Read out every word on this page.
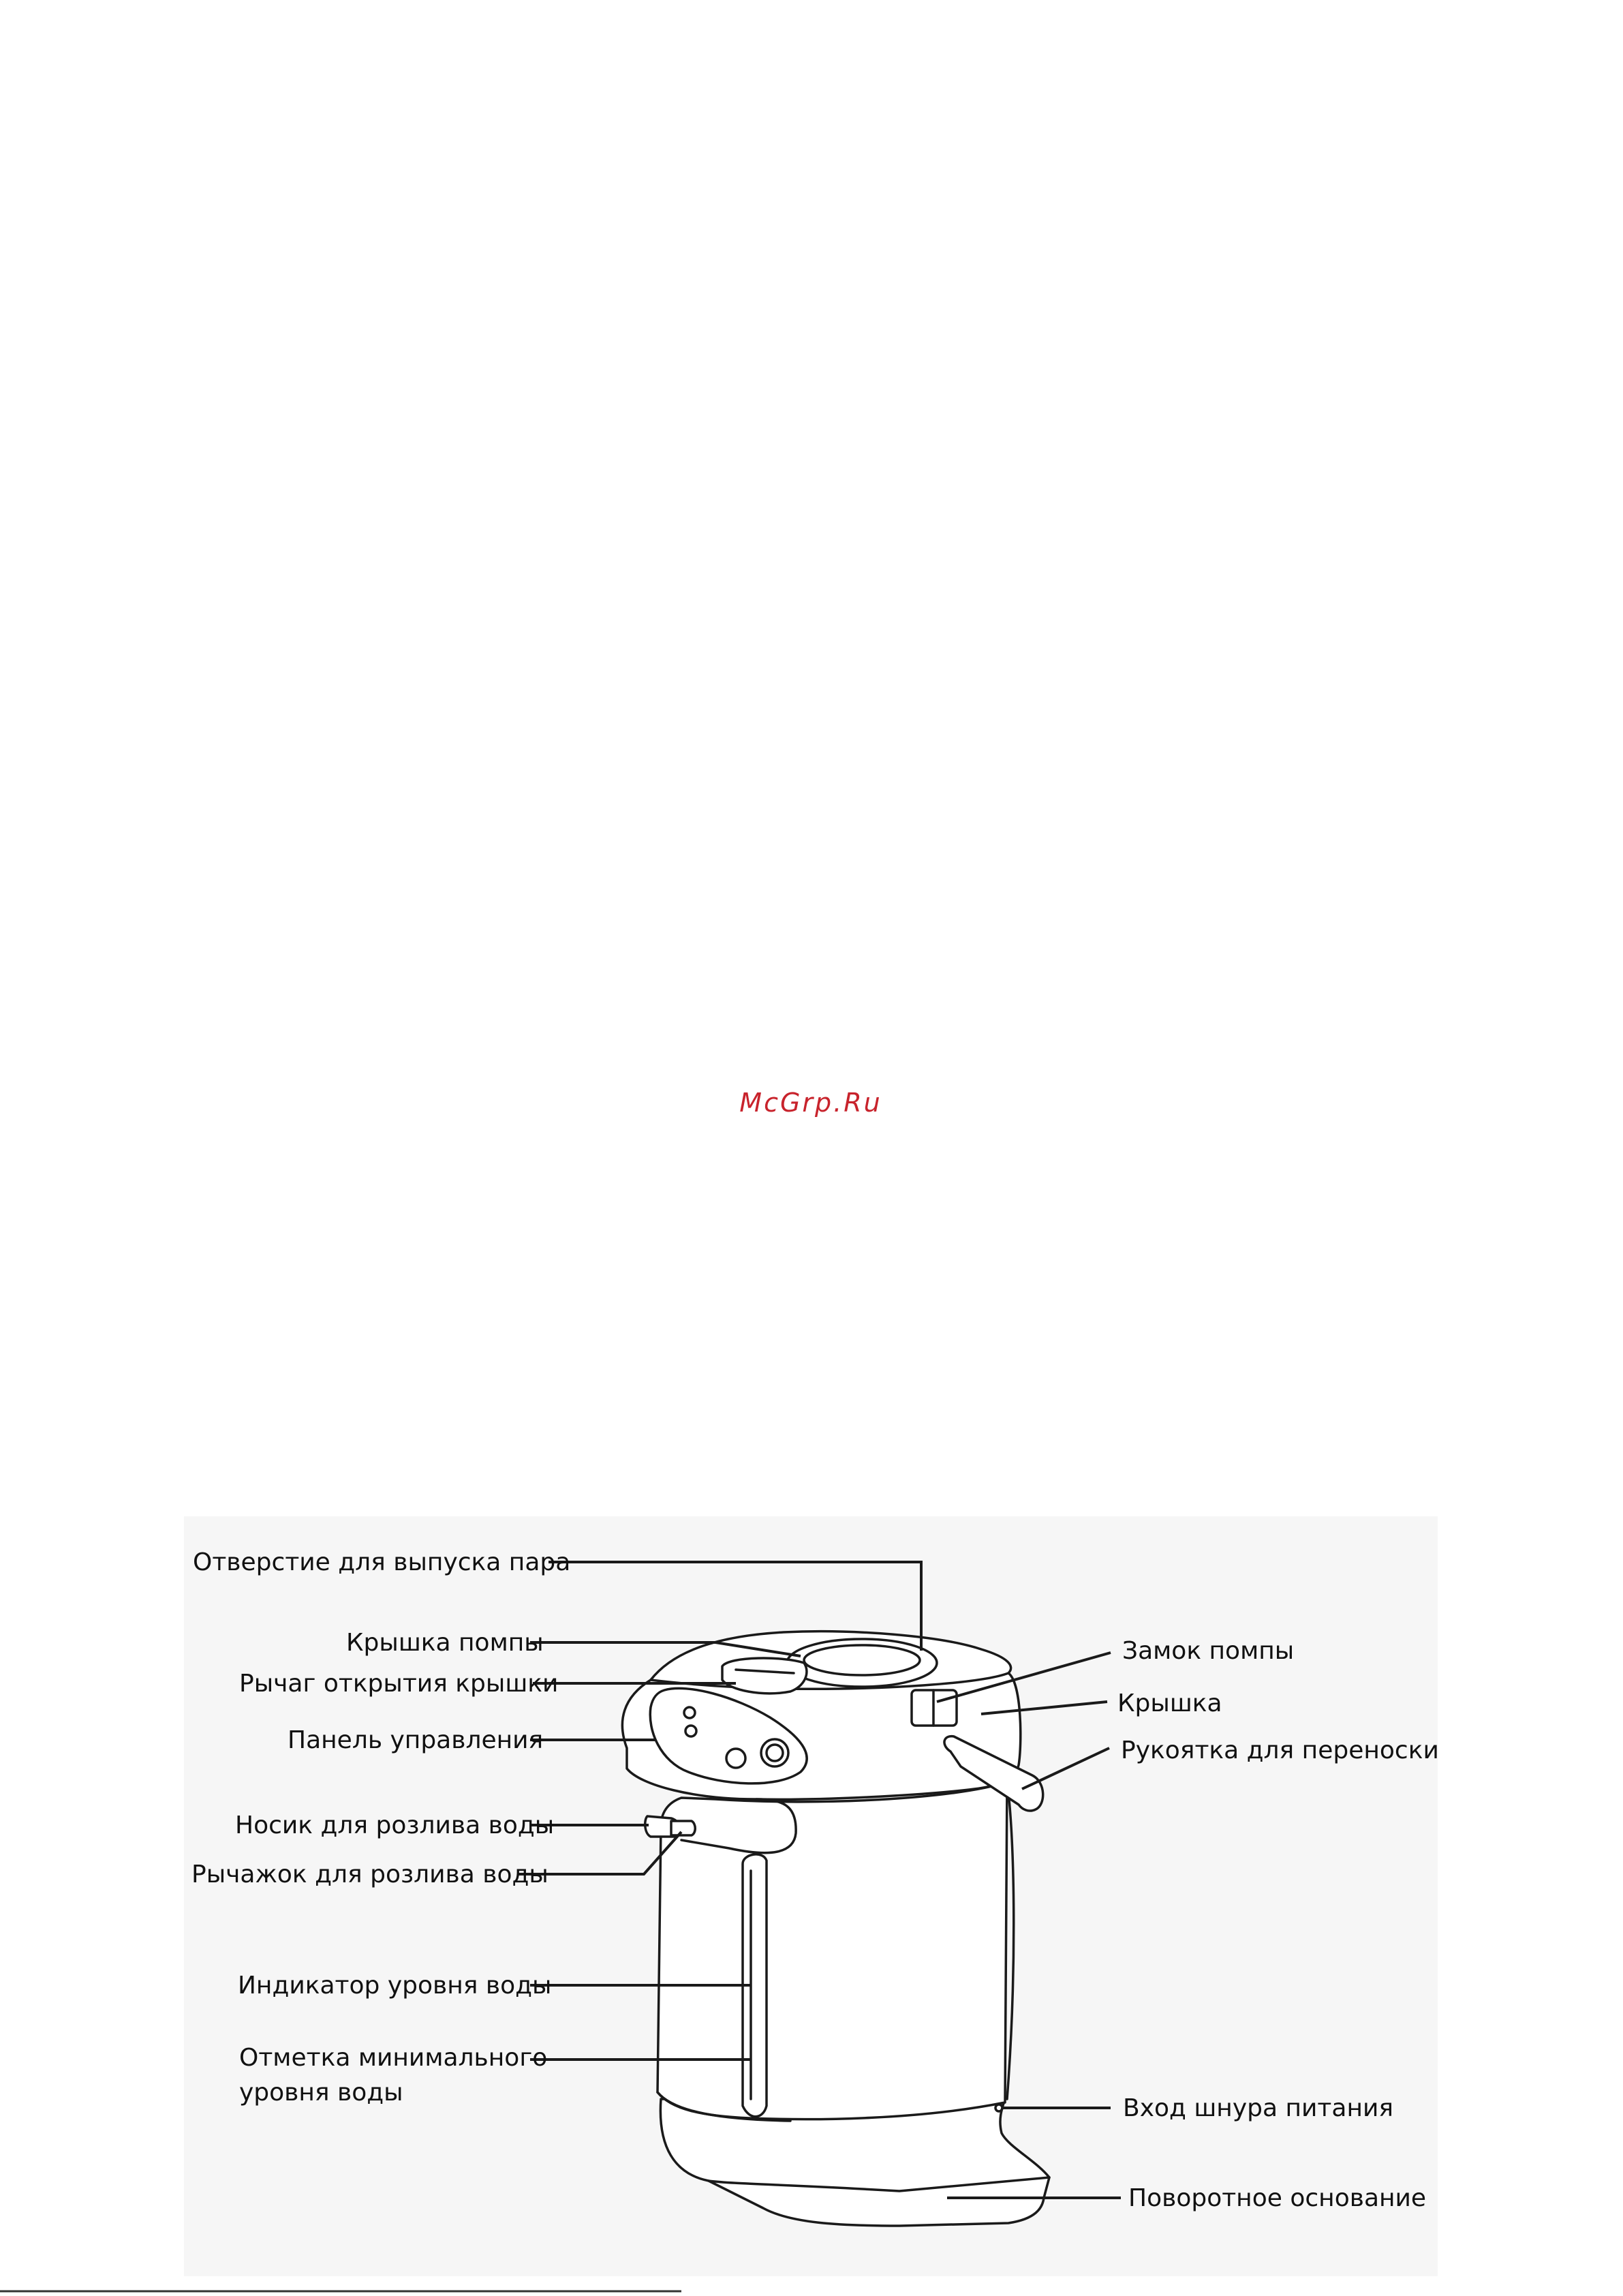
McGrp.Ru
Отверстие для выпуска пара
Крышка помпы
Рычаг открытия крышки
Панель управления
Носик для розлива воды
Рычажок для розлива воды
Индикатор уровня воды
Отметка минимального
уровня воды
Замок помпы
Крышка
Рукоятка для переноски
Вход шнура питания
Поворотное основание
